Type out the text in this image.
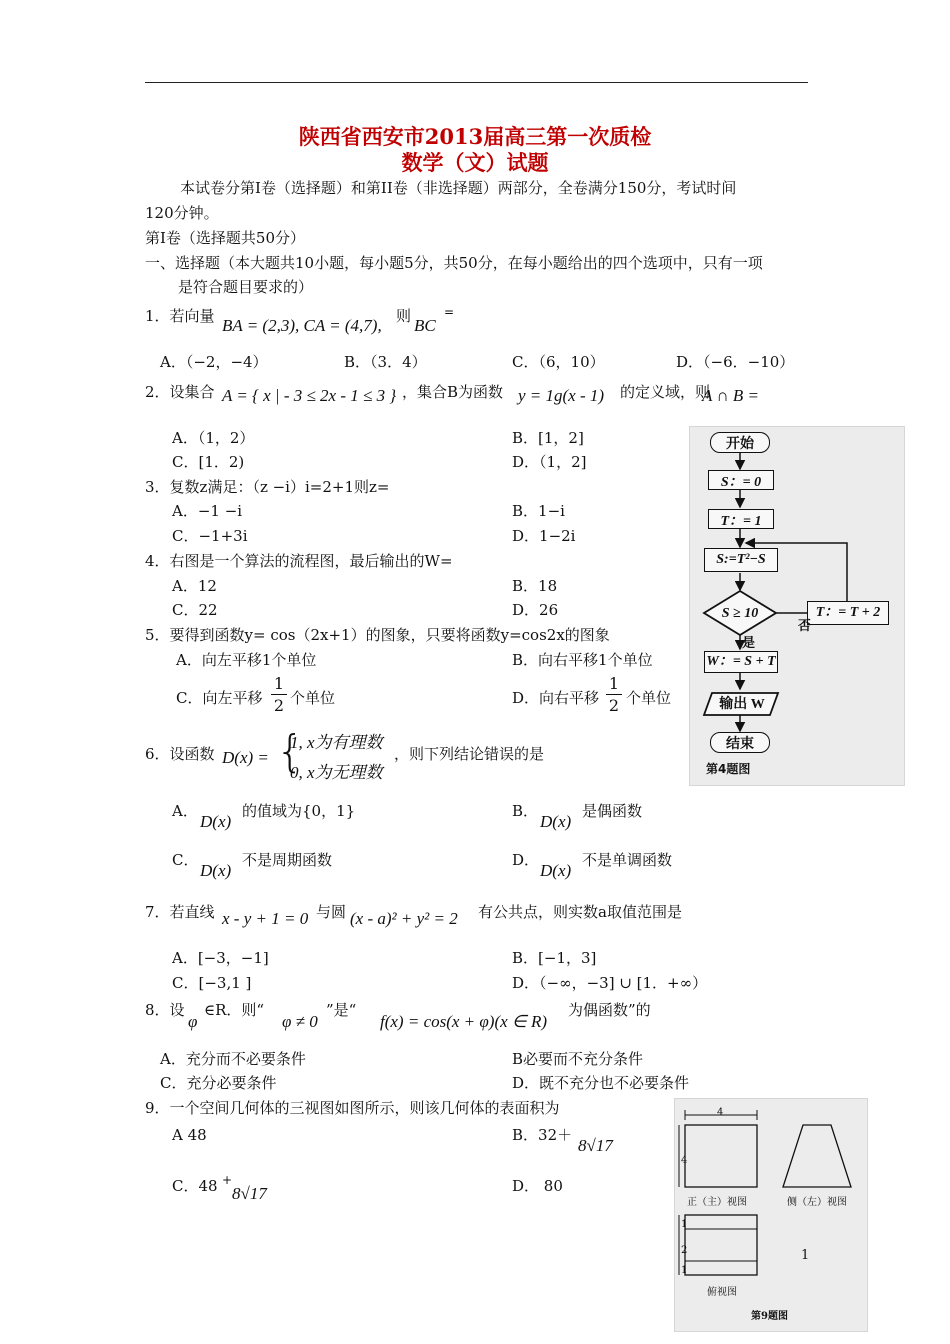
陕西省西安市2013届高三第一次质检
数学（文）试题
本试卷分第Ⅰ卷（选择题）和第II卷（非选择题）两部分，全卷满分150分，考试时间
120分钟。
第Ⅰ卷（选择题共50分）
一、选择题（本大题共10小题，每小题5分，共50分，在每小题给出的四个选项中，只有一项
是符合题目要求的）
1．若向量 BA = (2,3), CA = (4,7), 则 BC
=
A．（−2，−4）	B．（3．4）	C．（6，10）	D．（−6．−10）
2．设集合 A = { x | - 3 ≤ 2x - 1 ≤ 3 } ，集合B为函数 y = 1g(x - 1) 的定义域，则
A ∩ B =
A．（1，2）	B．[1，2]
C．[1．2)	D．（1，2]
3．复数z满足：（z −i）i=2+1则z=
A．−1 −i	B．1−i
C．−1+3i	D．1−2i
4．右图是一个算法的流程图，最后输出的W=
A．12	B．18
C．22	D．26
5．要得到函数y= cos（2x+1）的图象，只要将函数y=cos2x的图象
A．向左平移1个单位	B．向右平移1个单位
C．向左平移
1
2 个单位	D．向右平移
1
2 个单位
6．设函数 D(x) = {
1, x为有理数
0, x为无理数
，则下列结论错误的是
A．
D(x)
的值域为{0，1}	B．
D(x)
是偶函数
C．
D(x)
不是周期函数	D．
D(x)
不是单调函数
7．若直线 x - y + 1 = 0 与圆 (x - a)² + y² = 2 有公共点，则实数a取值范围是
A．[−3，−1]	B．[−1，3]
C．[−3,1 ]	D．（−∞，−3] ∪ [1．+∞）
8．设
φ
∈R．则“
φ ≠ 0
”是“
f(x) = cos(x + φ)(x ∈ R)
为偶函数”的
A．充分而不必要条件	B必要而不充分条件
C．充分必要条件	D．既不充分也不必要条件
9．一个空间几何体的三视图如图所示，则该几何体的表面积为
A 48	B．32＋
8√17
C．48 +
8√17	D． 80
开始
S：= 0
T：= 1
S:=T²−S
S ≥ 10	T：= T + 2
否
是
W：= S + T
输出 W
结束
第4题图
4
4
正（主）视图	侧（左）视图
1
2
1
俯视图
第9题图
1
